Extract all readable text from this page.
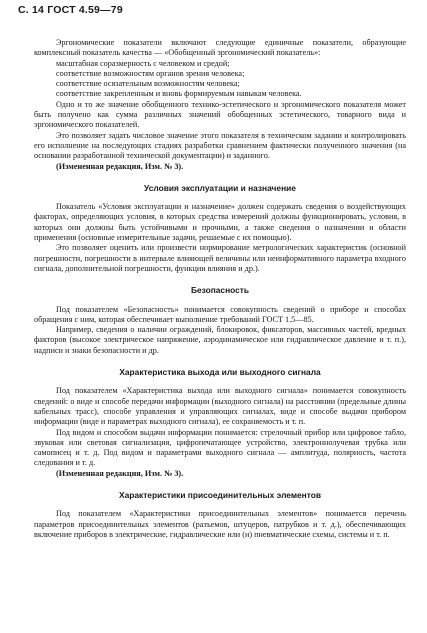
С. 14 ГОСТ 4.59—79

Эргономические показатели включают следующие единичные показатели, образующие комплексный показатель качества — «Обобщенный эргономический показатель»:

масштабная соразмерность с человеком и средой;

соответствие возможностям органов зрения человека;

соответствие осязательным возможностям человека;

соответствие закрепленным и вновь формируемым навыкам человека.

Одно и то же значение обобщенного технико-эстетического и эргономического показателя может быть получено как сумма различных значений обобщенных эстетического, товарного вида и эргономического показателей.

Это позволяет задать числовое значение этого показателя в техническом задании и контролировать его исполнение на последующих стадиях разработки сравнением фактически полученного значения (на основании разработанной технической документации) и заданного.

(Измененная редакция, Изм. № 3).

Условия эксплуатации и назначение

Показатель «Условия эксплуатации и назначение» должен содержать сведения о воздействующих факторах, определяющих условия, в которых средства измерений должны функционировать, условия, в которых они должны быть устойчивыми и прочными, а также сведения о назначении и области применения (основные измерительные задачи, решаемые с их помощью).

Это позволяет оценить или произвести нормирование метрологических характеристик (основной погрешности, погрешности в интервале влияющей величины или неинформативного параметра входного сигнала, дополнительной погрешности, функции влияния и др.).

Безопасность

Под показателем «Безопасность» понимается совокупность сведений о приборе и способах обращения с ним, которая обеспечивает выполнение требований ГОСТ 1.5—85.

Например, сведения о наличии ограждений, блокировок, фиксаторов, массивных частей, вредных факторов (высокое электрическое напряжение, аэродинамическое или гидравлическое давление и т. п.), надписи и знаки безопасности и др.

Характеристика выхода или выходного сигнала

Под показателем «Характеристика выхода или выходного сигнала» понимается совокупность сведений: о виде и способе передачи информации (выходного сигнала) на расстоянии (предельные длины кабельных трасс), способе управления и управляющих сигналах, виде и способе выдачи прибором информации (виде и параметрах выходного сигнала), ее сохраняемость и т. п.

Под видом и способом выдачи информации понимается: стрелочный прибор или цифровое табло, звуковая или световая сигнализация, цифропечатающее устройство, электроннолучевая трубка или самописец и т. д. Под видом и параметрами выходного сигнала — амплитуда, полярность, частота следования и т. д.

(Измененная редакция, Изм. № 3).

Характеристики присоединительных элементов

Под показателем «Характеристики присоединительных элементов» понимается перечень параметров присоединительных элементов (разъемов, штуцеров, патрубков и т. д.), обеспечивающих включение приборов в электрические, гидравлические или (и) пневматические схемы, системы и т. п.
